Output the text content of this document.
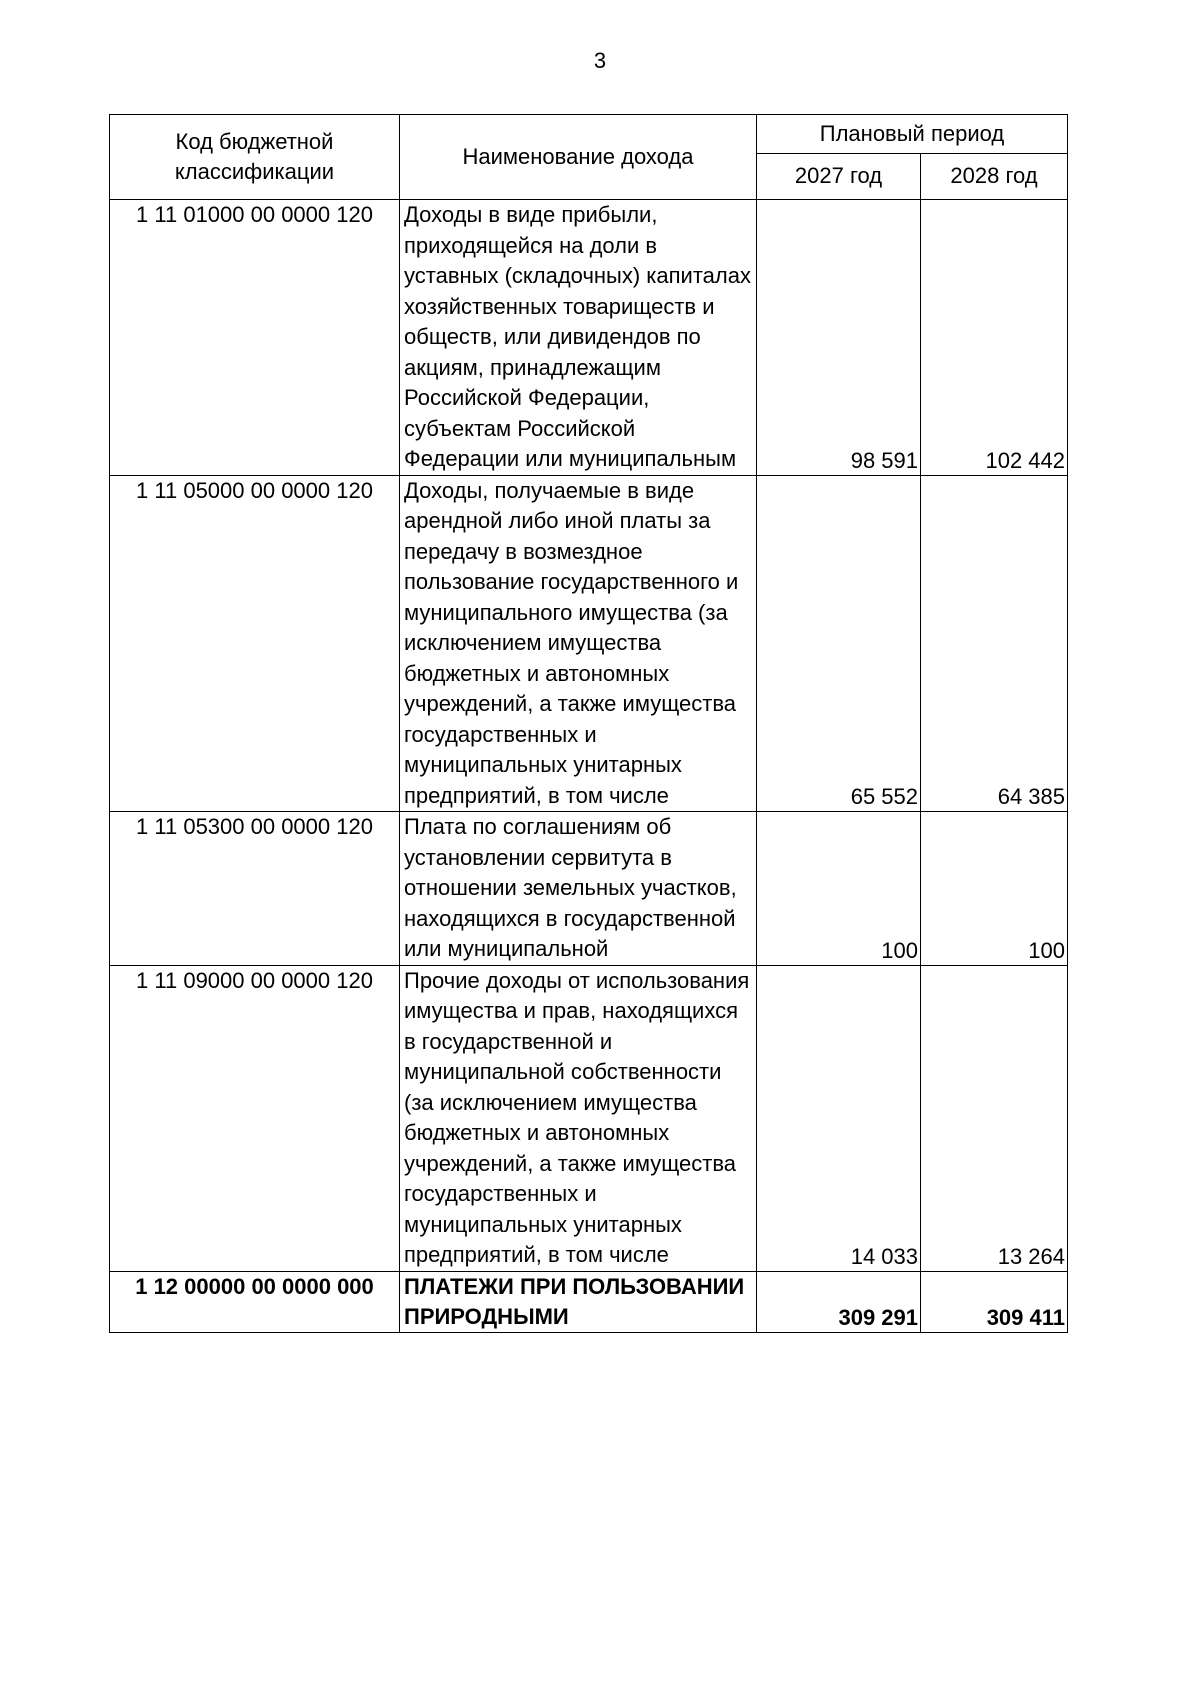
3
Код бюджетной классификации	Наименование дохода	Плановый период	
		2027 год	2028 год
1 11 01000 00 0000 120	Доходы в виде прибыли, приходящейся на доли в уставных (складочных) капиталах хозяйственных товариществ и обществ, или дивидендов по акциям, принадлежащим Российской Федерации, субъектам Российской Федерации или муниципальным	98 591	102 442
1 11 05000 00 0000 120	Доходы, получаемые в виде арендной либо иной платы за передачу в возмездное пользование государственного и муниципального имущества (за исключением имущества бюджетных и автономных учреждений, а также имущества государственных и муниципальных унитарных предприятий, в том числе	65 552	64 385
1 11 05300 00 0000 120	Плата по соглашениям об установлении сервитута в отношении земельных участков, находящихся в государственной или муниципальной	100	100
1 11 09000 00 0000 120	Прочие доходы от использования имущества и прав, находящихся в государственной и муниципальной собственности (за исключением имущества бюджетных и автономных учреждений, а также имущества государственных и муниципальных унитарных предприятий, в том числе	14 033	13 264
1 12 00000 00 0000 000	ПЛАТЕЖИ ПРИ ПОЛЬЗОВАНИИ ПРИРОДНЫМИ	309 291	309 411
